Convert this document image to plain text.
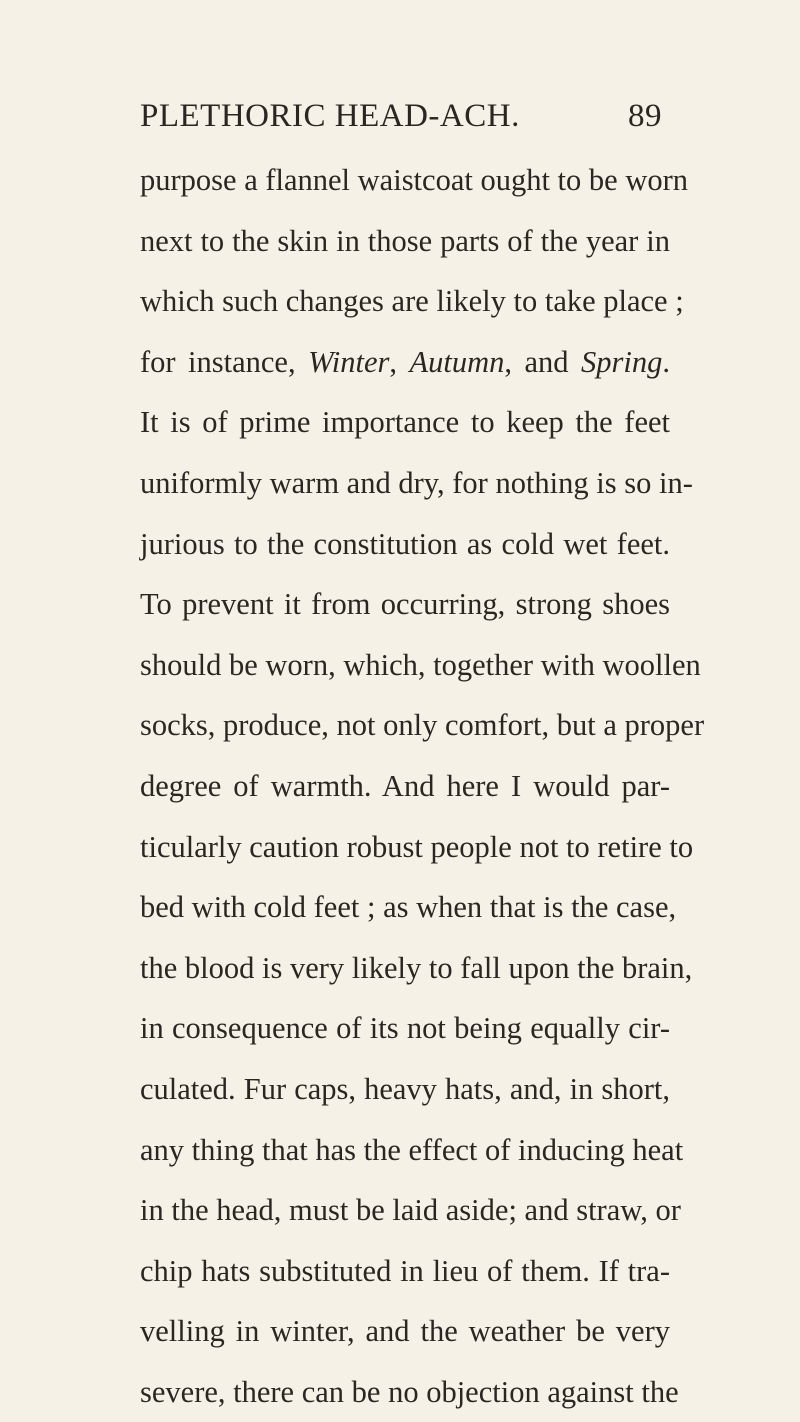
PLETHORIC HEAD-ACH.	89
purpose a flannel waistcoat ought to be worn
next to the skin in those parts of the year in
which such changes are likely to take place ;
for instance, Winter, Autumn, and Spring.
It is of prime importance to keep the feet
uniformly warm and dry, for nothing is so in-
jurious to the constitution as cold wet feet.
To prevent it from occurring, strong shoes
should be worn, which, together with woollen
socks, produce, not only comfort, but a proper
degree of warmth. And here I would par-
ticularly caution robust people not to retire to
bed with cold feet ; as when that is the case,
the blood is very likely to fall upon the brain,
in consequence of its not being equally cir-
culated. Fur caps, heavy hats, and, in short,
any thing that has the effect of inducing heat
in the head, must be laid aside; and straw, or
chip hats substituted in lieu of them. If tra-
velling in winter, and the weather be very
severe, there can be no objection against the
